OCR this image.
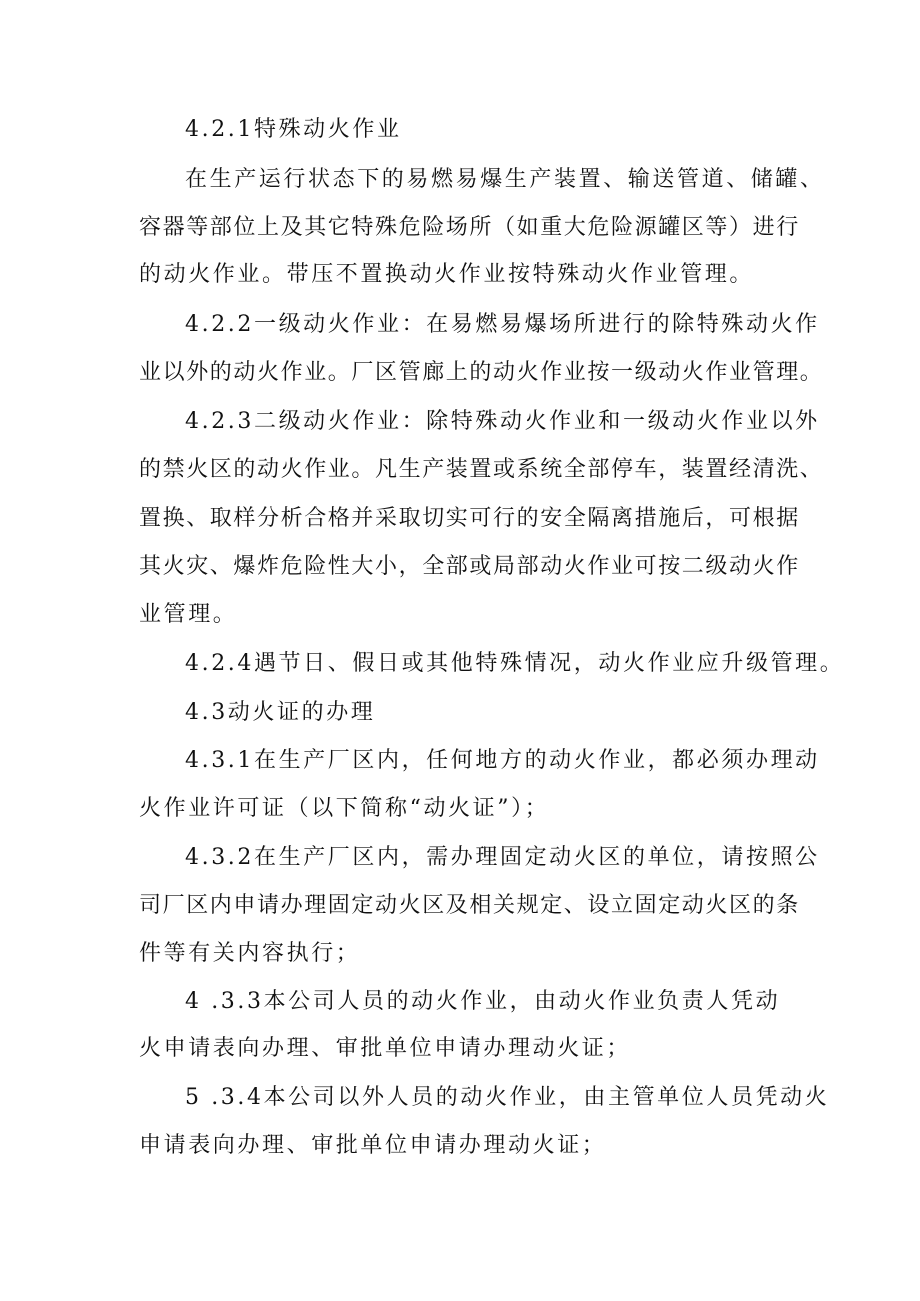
4.2.1特殊动火作业
在生产运行状态下的易燃易爆生产装置、输送管道、储罐、
容器等部位上及其它特殊危险场所（如重大危险源罐区等）进行
的动火作业。带压不置换动火作业按特殊动火作业管理。
4.2.2一级动火作业：在易燃易爆场所进行的除特殊动火作
业以外的动火作业。厂区管廊上的动火作业按一级动火作业管理。
4.2.3二级动火作业：除特殊动火作业和一级动火作业以外
的禁火区的动火作业。凡生产装置或系统全部停车，装置经清洗、
置换、取样分析合格并采取切实可行的安全隔离措施后，可根据
其火灾、爆炸危险性大小，全部或局部动火作业可按二级动火作
业管理。
4.2.4遇节日、假日或其他特殊情况，动火作业应升级管理。
4.3动火证的办理
4.3.1在生产厂区内，任何地方的动火作业，都必须办理动
火作业许可证（以下简称“动火证”）；
4.3.2在生产厂区内，需办理固定动火区的单位，请按照公
司厂区内申请办理固定动火区及相关规定、设立固定动火区的条
件等有关内容执行；
4 .3.3本公司人员的动火作业，由动火作业负责人凭动
火申请表向办理、审批单位申请办理动火证；
5 .3.4本公司以外人员的动火作业，由主管单位人员凭动火
申请表向办理、审批单位申请办理动火证；
